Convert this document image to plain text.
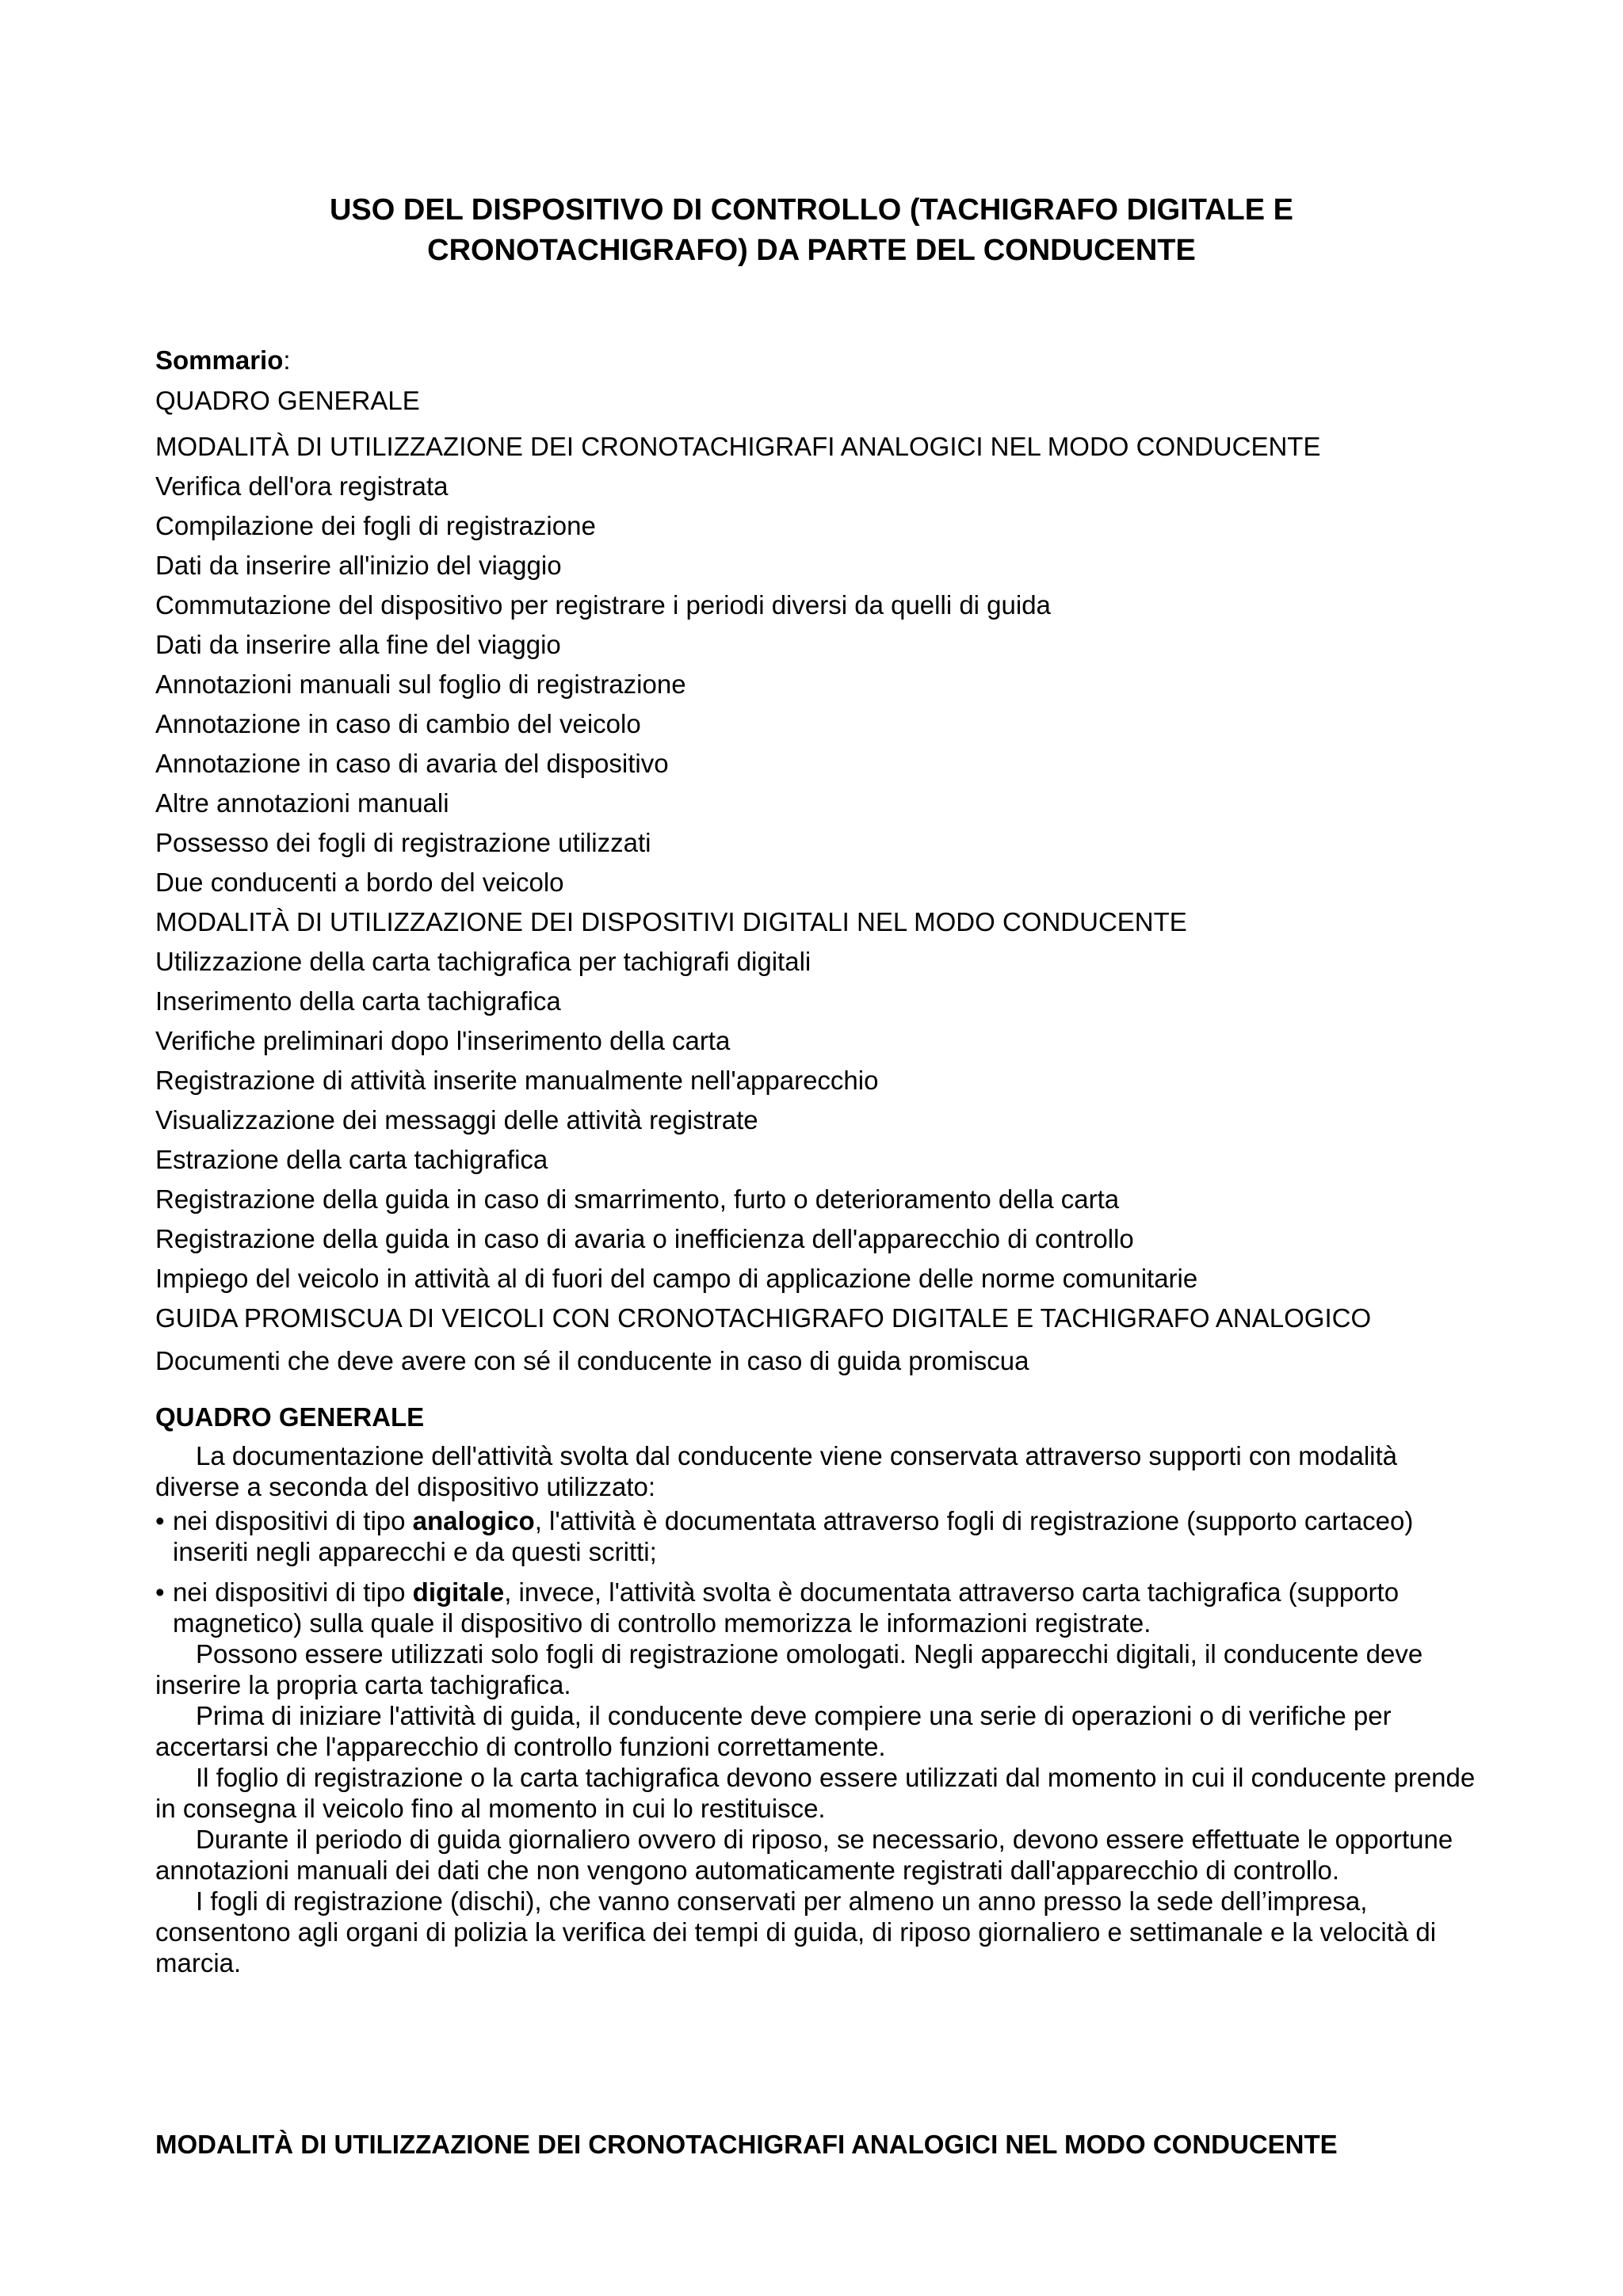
USO DEL DISPOSITIVO DI CONTROLLO (TACHIGRAFO DIGITALE E
CRONOTACHIGRAFO) DA PARTE DEL CONDUCENTE
Sommario:
QUADRO GENERALE
MODALITÀ DI UTILIZZAZIONE DEI CRONOTACHIGRAFI ANALOGICI NEL MODO CONDUCENTE
Verifica dell'ora registrata
Compilazione dei fogli di registrazione
Dati da inserire all'inizio del viaggio
Commutazione del dispositivo per registrare i periodi diversi da quelli di guida
Dati da inserire alla fine del viaggio
Annotazioni manuali sul foglio di registrazione
Annotazione in caso di cambio del veicolo
Annotazione in caso di avaria del dispositivo
Altre annotazioni manuali
Possesso dei fogli di registrazione utilizzati
Due conducenti a bordo del veicolo
MODALITÀ DI UTILIZZAZIONE DEI DISPOSITIVI DIGITALI NEL MODO CONDUCENTE
Utilizzazione della carta tachigrafica per tachigrafi digitali
Inserimento della carta tachigrafica
Verifiche preliminari dopo l'inserimento della carta
Registrazione di attività inserite manualmente nell'apparecchio
Visualizzazione dei messaggi delle attività registrate
Estrazione della carta tachigrafica
Registrazione della guida in caso di smarrimento, furto o deterioramento della carta
Registrazione della guida in caso di avaria o inefficienza dell'apparecchio di controllo
Impiego del veicolo in attività al di fuori del campo di applicazione delle norme comunitarie
GUIDA PROMISCUA DI VEICOLI CON CRONOTACHIGRAFO DIGITALE E TACHIGRAFO ANALOGICO
Documenti che deve avere con sé il conducente in caso di guida promiscua
QUADRO GENERALE

La documentazione dell'attività svolta dal conducente viene conservata attraverso supporti con modalità diverse a seconda del dispositivo utilizzato:

• nei dispositivi di tipo analogico, l'attività è documentata attraverso fogli di registrazione (supporto cartaceo) inseriti negli apparecchi e da questi scritti;

• nei dispositivi di tipo digitale, invece, l'attività svolta è documentata attraverso carta tachigrafica (supporto magnetico) sulla quale il dispositivo di controllo memorizza le informazioni registrate.

Possono essere utilizzati solo fogli di registrazione omologati. Negli apparecchi digitali, il conducente deve inserire la propria carta tachigrafica.

Prima di iniziare l'attività di guida, il conducente deve compiere una serie di operazioni o di verifiche per accertarsi che l'apparecchio di controllo funzioni correttamente.

Il foglio di registrazione o la carta tachigrafica devono essere utilizzati dal momento in cui il conducente prende in consegna il veicolo fino al momento in cui lo restituisce.

Durante il periodo di guida giornaliero ovvero di riposo, se necessario, devono essere effettuate le opportune annotazioni manuali dei dati che non vengono automaticamente registrati dall'apparecchio di controllo.

I fogli di registrazione (dischi), che vanno conservati per almeno un anno presso la sede dell’impresa, consentono agli organi di polizia la verifica dei tempi di guida, di riposo giornaliero e settimanale e la velocità di marcia.

MODALITÀ DI UTILIZZAZIONE DEI CRONOTACHIGRAFI ANALOGICI NEL MODO CONDUCENTE
